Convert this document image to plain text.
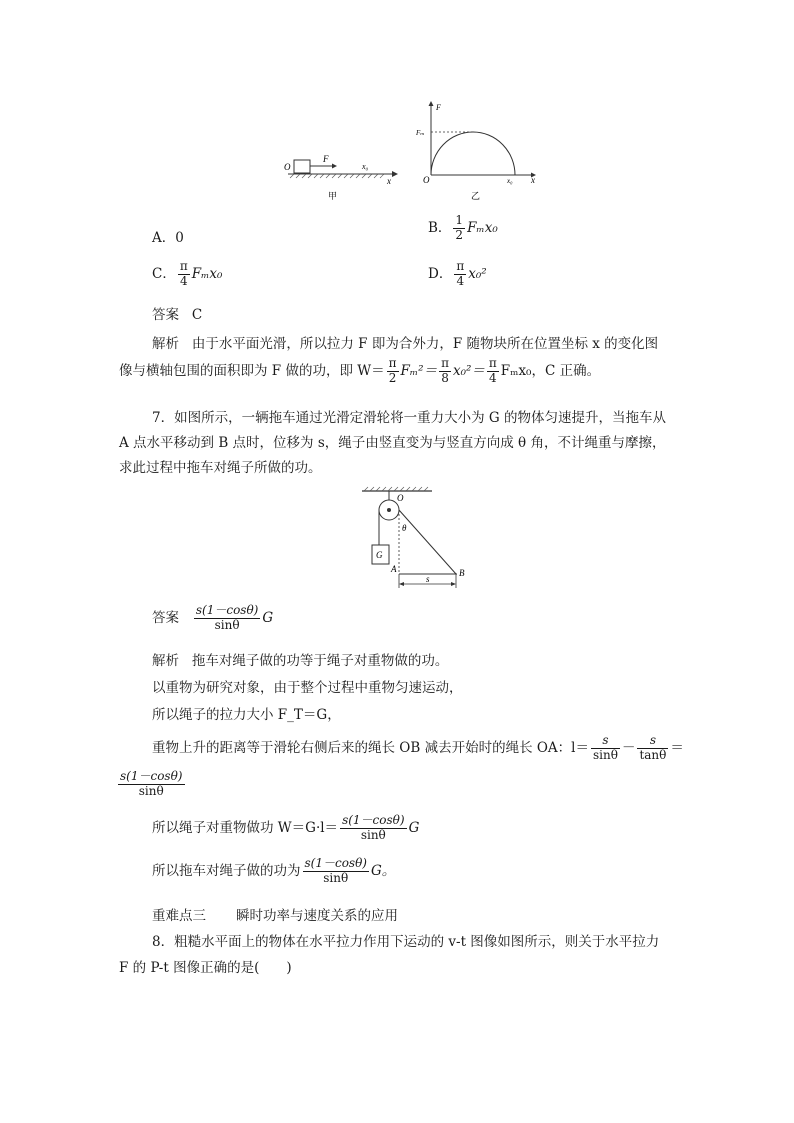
O
F
x₀
x
甲
F
Fₘ
O	x₀ x
乙
A．0
B． $\frac{1}{2} F_mx_0$
C． $\frac{\pi}{4} F_mx_0$	D． $\frac{\pi}{4} x_0^2$
答案 C
解析 由于水平面光滑，所以拉力 F 即为合外力，F 随物块所在位置坐标 x 的变化图
像与横轴包围的面积即为 F 做的功，即 $W= \frac{\pi}{2} F_m^2= \frac{\pi}{8} x_0^2= \frac{\pi}{4} F_mx_0$，C 正确。
7．如图所示，一辆拖车通过光滑定滑轮将一重力大小为 G 的物体匀速提升，当拖车从
A 点水平移动到 B 点时，位移为 s，绳子由竖直变为与竖直方向成 θ 角，不计绳重与摩擦，
求此过程中拖车对绳子所做的功。
O
θ
G
A	B
s
答案 $\frac{s(1-\cos\theta)}{\sin\theta}$ G
解析 拖车对绳子做的功等于绳子对重物做的功。
以重物为研究对象，由于整个过程中重物匀速运动，
所以绳子的拉力大小 F_T＝G，
重物上升的距离等于滑轮右侧后来的绳长 OB 减去开始时的绳长 OA：$l= \frac{s}{\sin\theta} - \frac{s}{\tan\theta}$ ＝
$\frac{s(1-\cos\theta)}{\sin\theta}$
所以绳子对重物做功 $W=G\cdot l= \frac{s(1-\cos\theta)}{\sin\theta}$ G
所以拖车对绳子做的功为 $\frac{s(1-\cos\theta)}{\sin\theta}$ G。
重难点三 瞬时功率与速度关系的应用
8．粗糙水平面上的物体在水平拉力作用下运动的 v-t 图像如图所示，则关于水平拉力
F 的 P-t 图像正确的是(　　)
